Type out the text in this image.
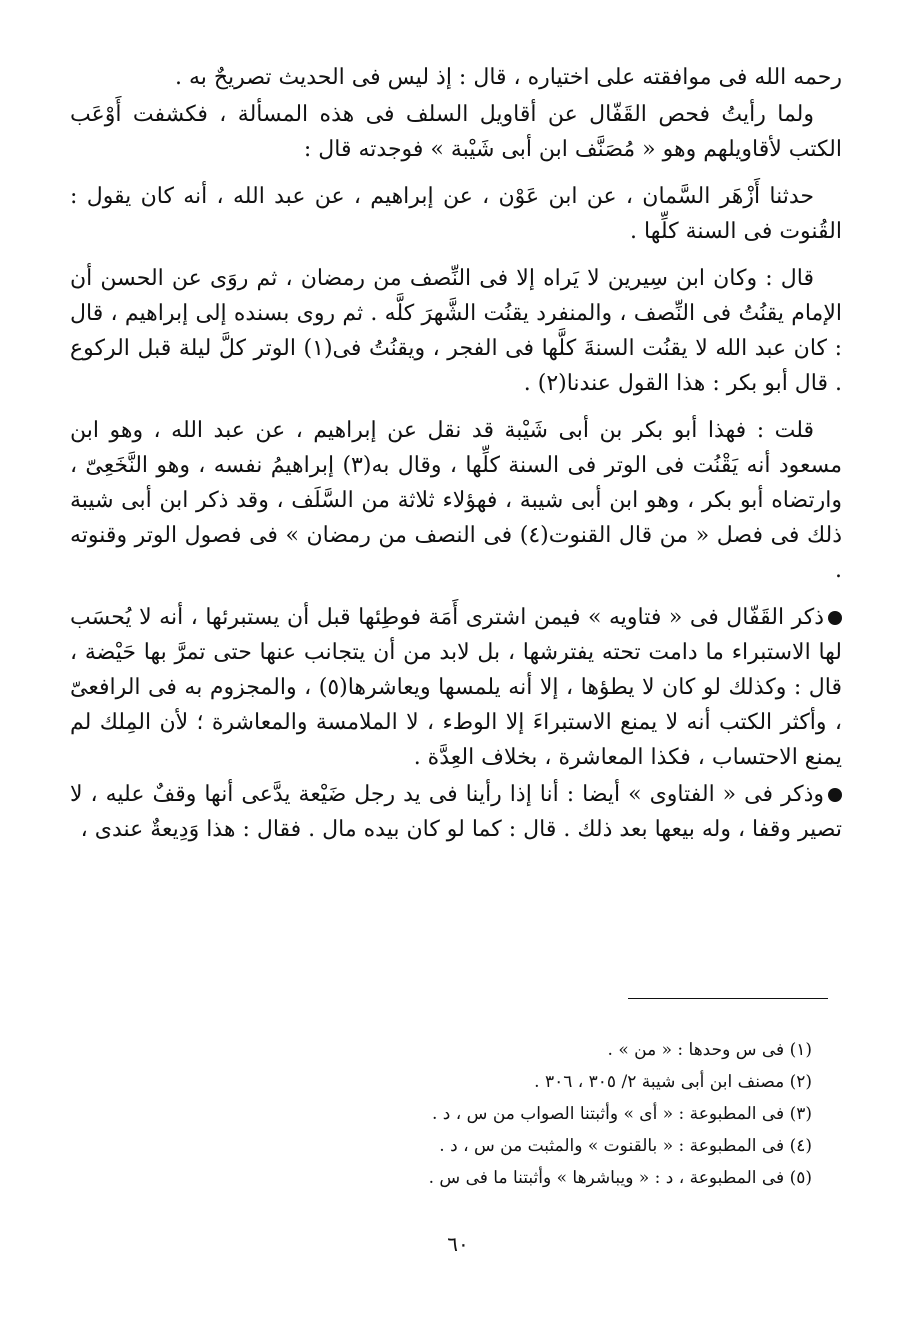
رحمه الله فى موافقته على اختياره ، قال : إذ ليس فى الحديث تصريحٌ به .

ولما رأيتُ فحص القَفّال عن أقاويل السلف فى هذه المسألة ، فكشفت أَوْعَب الكتب لأقاويلهم وهو « مُصَنَّف ابن أبى شَيْبة » فوجدته قال :

حدثنا أَزْهَر السَّمان ، عن ابن عَوْن ، عن إبراهيم ، عن عبد الله ، أنه كان يقول : القُنوت فى السنة كلِّها .

قال : وكان ابن سِيرين لا يَراه إلا فى النِّصف من رمضان ، ثم روَى عن الحسن أن الإمام يقنُتُ فى النِّصف ، والمنفرد يقنُت الشَّهرَ كلَّه . ثم روى بسنده إلى إبراهيم ، قال : كان عبد الله لا يقنُت السنةَ كلَّها فى الفجر ، ويقنُتُ فى(١) الوتر كلَّ ليلة قبل الركوع . قال أبو بكر : هذا القول عندنا(٢) .

قلت : فهذا أبو بكر بن أبى شَيْبة قد نقل عن إبراهيم ، عن عبد الله ، وهو ابن مسعود أنه يَقْنُت فى الوتر فى السنة كلِّها ، وقال به(٣) إبراهيمُ نفسه ، وهو النَّخَعِىّ ، وارتضاه أبو بكر ، وهو ابن أبى شيبة ، فهؤلاء ثلاثة من السَّلَف ، وقد ذكر ابن أبى شيبة ذلك فى فصل « من قال القنوت(٤) فى النصف من رمضان » فى فصول الوتر وقنوته .

ذكر القَفّال فى « فتاويه » فيمن اشترى أَمَة فوطِئها قبل أن يستبرئها ، أنه لا يُحسَب لها الاستبراء ما دامت تحته يفترشها ، بل لابد من أن يتجانب عنها حتى تمرَّ بها حَيْضة ، قال : وكذلك لو كان لا يطؤها ، إلا أنه يلمسها ويعاشرها(٥) ، والمجزوم به فى الرافعىّ ، وأكثر الكتب أنه لا يمنع الاستبراءَ إلا الوطء ، لا الملامسة والمعاشرة ؛ لأن المِلك لم يمنع الاحتساب ، فكذا المعاشرة ، بخلاف العِدَّة .

وذكر فى « الفتاوى » أيضا : أنا إذا رأينا فى يد رجل ضَيْعة يدَّعى أنها وقفٌ عليه ، لا تصير وقفا ، وله بيعها بعد ذلك . قال : كما لو كان بيده مال . فقال : هذا وَدِيعةٌ عندى ،

(١) فى س وحدها : « من » .

(٢) مصنف ابن أبى شيبة ٢/ ٣٠٥ ، ٣٠٦ .

(٣) فى المطبوعة : « أى » وأثبتنا الصواب من س ، د .

(٤) فى المطبوعة : « بالقنوت » والمثبت من س ، د .

(٥) فى المطبوعة ، د : « ويباشرها » وأثبتنا ما فى س .

٦٠
